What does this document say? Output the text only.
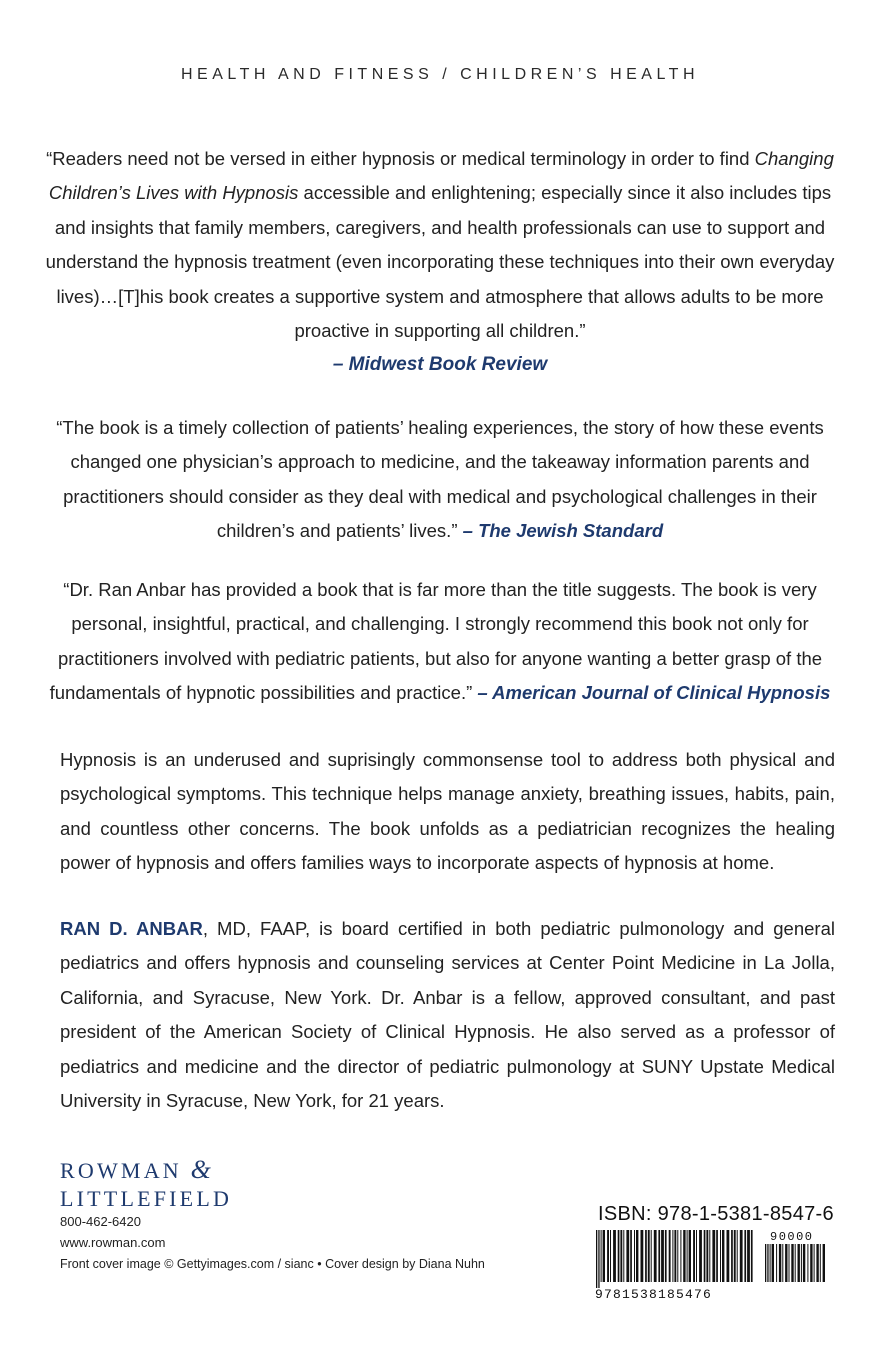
HEALTH AND FITNESS / CHILDREN’S HEALTH
“Readers need not be versed in either hypnosis or medical terminology in order to find Changing Children’s Lives with Hypnosis accessible and enlightening; especially since it also includes tips and insights that family members, caregivers, and health professionals can use to support and understand the hypnosis treatment (even incorporating these techniques into their own everyday lives)…[T]his book creates a supportive system and atmosphere that allows adults to be more proactive in supporting all children.”
– Midwest Book Review
“The book is a timely collection of patients’ healing experiences, the story of how these events changed one physician’s approach to medicine, and the takeaway information parents and practitioners should consider as they deal with medical and psychological challenges in their children’s and patients’ lives.” – The Jewish Standard
“Dr. Ran Anbar has provided a book that is far more than the title suggests. The book is very personal, insightful, practical, and challenging. I strongly recommend this book not only for practitioners involved with pediatric patients, but also for anyone wanting a better grasp of the fundamentals of hypnotic possibilities and practice.” – American Journal of Clinical Hypnosis
Hypnosis is an underused and suprisingly commonsense tool to address both physical and psychological symptoms. This technique helps manage anxiety, breathing issues, habits, pain, and countless other concerns. The book unfolds as a pediatrician recognizes the healing power of hypnosis and offers families ways to incorporate aspects of hypnosis at home.
RAN D. ANBAR, MD, FAAP, is board certified in both pediatric pulmonology and general pediatrics and offers hypnosis and counseling services at Center Point Medicine in La Jolla, California, and Syracuse, New York. Dr. Anbar is a fellow, approved consultant, and past president of the American Society of Clinical Hypnosis. He also served as a professor of pediatrics and medicine and the director of pediatric pulmonology at SUNY Upstate Medical University in Syracuse, New York, for 21 years.
ROWMAN &
LITTLEFIELD
800-462-6420
www.rowman.com
Front cover image © Gettyimages.com / sianc • Cover design by Diana Nuhn
ISBN: 978-1-5381-8547-6
9781538185476
90000
